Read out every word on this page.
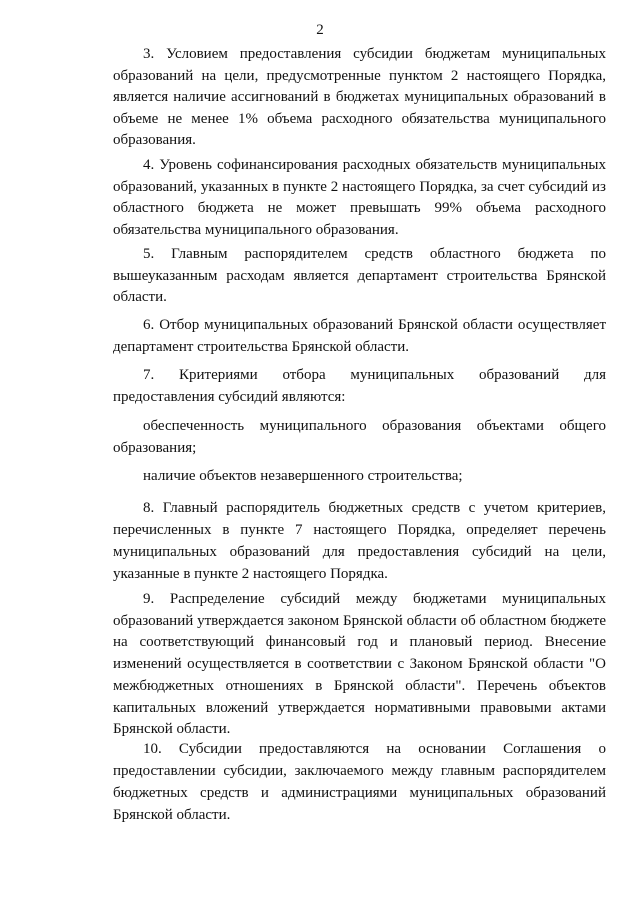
2
3. Условием предоставления субсидии бюджетам муниципальных
образований на цели, предусмотренные пунктом 2 настоящего Порядка,
является наличие ассигнований в бюджетах муниципальных образований в
объеме не менее 1% объема расходного обязательства муниципального
образования.
4. Уровень софинансирования расходных обязательств муниципальных
образований, указанных в пункте 2 настоящего Порядка, за счет субсидий из
областного бюджета не может превышать 99% объема расходного
обязательства муниципального образования.
5. Главным распорядителем средств областного бюджета по
вышеуказанным расходам является департамент строительства Брянской
области.
6. Отбор муниципальных образований Брянской области осуществляет
департамент строительства Брянской области.
7. Критериями отбора муниципальных образований для
предоставления субсидий являются:
обеспеченность муниципального образования объектами общего
образования;
наличие объектов незавершенного строительства;
8. Главный распорядитель бюджетных средств с учетом критериев,
перечисленных в пункте 7 настоящего Порядка, определяет перечень
муниципальных образований для предоставления субсидий на цели,
указанные в пункте 2 настоящего Порядка.
9. Распределение субсидий между бюджетами муниципальных
образований утверждается законом Брянской области об областном бюджете
на соответствующий финансовый год и плановый период. Внесение
изменений осуществляется в соответствии с Законом Брянской области "О
межбюджетных отношениях в Брянской области". Перечень объектов
капитальных вложений утверждается нормативными правовыми актами
Брянской области.
10. Субсидии предоставляются на основании Соглашения о
предоставлении субсидии, заключаемого между главным распорядителем
бюджетных средств и администрациями муниципальных образований
Брянской области.
